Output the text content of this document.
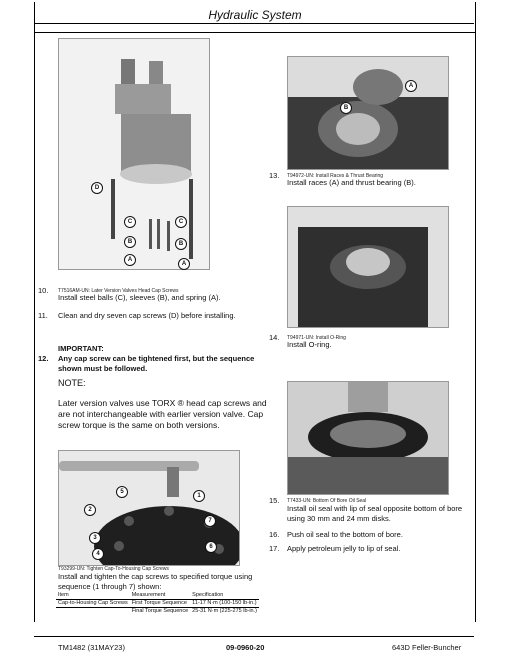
Hydraulic System
D
C	C
B	B
A
A
10. T7516AM-UN: Later Version Valves Head Cap Screws
Install steel balls (C), sleeves (B), and spring (A).
11. Clean and dry seven cap screws (D) before installing.
IMPORTANT:
12. Any cap screw can be tightened first, but the sequence shown must be followed.
NOTE:
Later version valves use TORX ® head cap screws and are not interchangeable with earlier version valve. Cap screw torque is the same on both versions.
1
5
2
3
7
4
6
T93299-UN: Tighten Cap-To-Housing Cap Screws
Install and tighten the cap screws to specified torque using sequence (1 through 7) shown:
Item	Measurement	Specification
Cap-to-Housing Cap Screws	First Torque Sequence	11-17 N·m (100-150 lb-in.)
	Final Torque Sequence	25-31 N·m (225-275 lb-in.)
A
B
13. T94972-UN: Install Races & Thrust Bearing
Install races (A) and thrust bearing (B).
14. T94971-UN: Install O-Ring
Install O-ring.
15. T7433-UN: Bottom Of Bore Oil Seal
Install oil seal with lip of seal opposite bottom of bore using 30 mm and 24 mm disks.
16. Push oil seal to the bottom of bore.
17. Apply petroleum jelly to lip of seal.
TM1482 (31MAY23)	09-0960-20	643D Feller-Buncher
